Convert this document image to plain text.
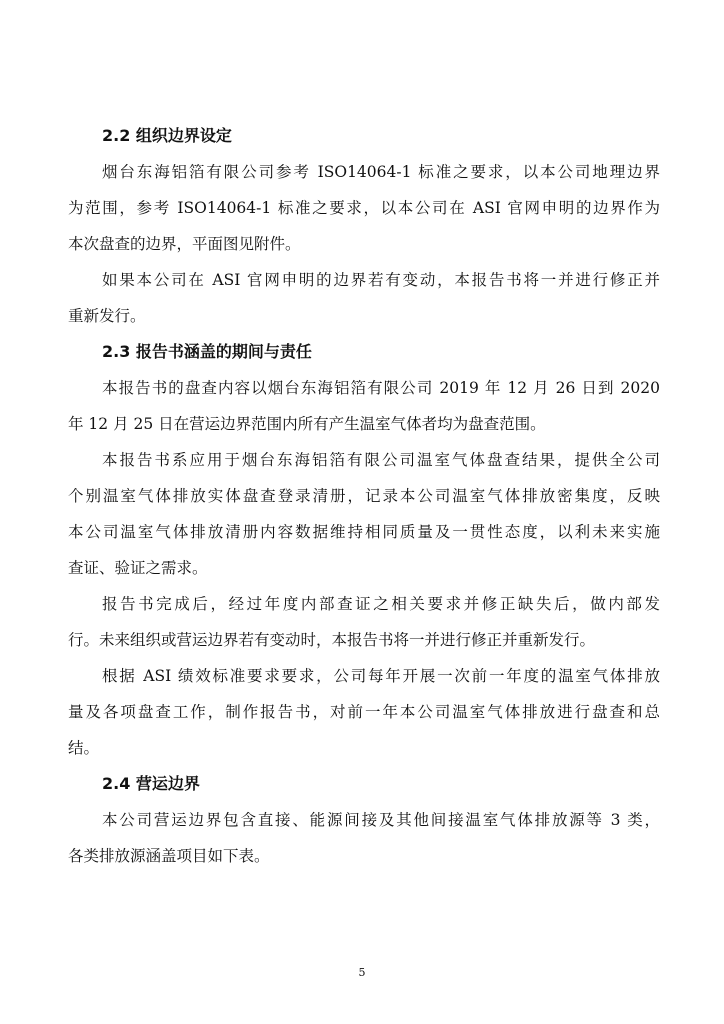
2.2 组织边界设定

烟台东海铝箔有限公司参考 ISO14064-1 标准之要求，以本公司地理边界
为范围，参考 ISO14064-1 标准之要求，以本公司在 ASI 官网申明的边界作为
本次盘查的边界，平面图见附件。

如果本公司在 ASI 官网申明的边界若有变动，本报告书将一并进行修正并
重新发行。

2.3 报告书涵盖的期间与责任

本报告书的盘查内容以烟台东海铝箔有限公司 2019 年 12 月 26 日到 2020
年 12 月 25 日在营运边界范围内所有产生温室气体者均为盘查范围。

本报告书系应用于烟台东海铝箔有限公司温室气体盘查结果，提供全公司
个别温室气体排放实体盘查登录清册，记录本公司温室气体排放密集度，反映
本公司温室气体排放清册内容数据维持相同质量及一贯性态度，以利未来实施
查证、验证之需求。

报告书完成后，经过年度内部查证之相关要求并修正缺失后，做内部发
行。未来组织或营运边界若有变动时，本报告书将一并进行修正并重新发行。

根据 ASI 绩效标准要求要求，公司每年开展一次前一年度的温室气体排放
量及各项盘查工作，制作报告书，对前一年本公司温室气体排放进行盘查和总
结。

2.4 营运边界

本公司营运边界包含直接、能源间接及其他间接温室气体排放源等 3 类，
各类排放源涵盖项目如下表。

5
